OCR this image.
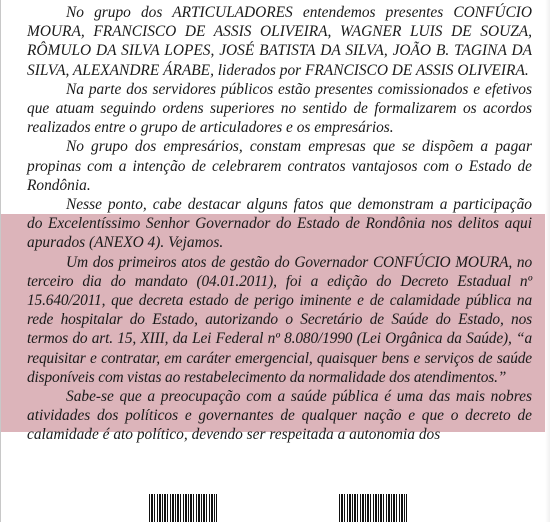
No grupo dos ARTICULADORES entendemos presentes CONFÚCIO MOURA, FRANCISCO DE ASSIS OLIVEIRA, WAGNER LUIS DE SOUZA, RÔMULO DA SILVA LOPES, JOSÉ BATISTA DA SILVA, JOÃO B. TAGINA DA SILVA, ALEXANDRE ÁRABE, liderados por FRANCISCO DE ASSIS OLIVEIRA.

Na parte dos servidores públicos estão presentes comissionados e efetivos que atuam seguindo ordens superiores no sentido de formalizarem os acordos realizados entre o grupo de articuladores e os empresários.

No grupo dos empresários, constam empresas que se dispõem a pagar propinas com a intenção de celebrarem contratos vantajosos com o Estado de Rondônia.

Nesse ponto, cabe destacar alguns fatos que demonstram a participação do Excelentíssimo Senhor Governador do Estado de Rondônia nos delitos aqui apurados (ANEXO 4). Vejamos.

Um dos primeiros atos de gestão do Governador CONFÚCIO MOURA, no terceiro dia do mandato (04.01.2011), foi a edição do Decreto Estadual nº 15.640/2011, que decreta estado de perigo iminente e de calamidade pública na rede hospitalar do Estado, autorizando o Secretário de Saúde do Estado, nos termos do art. 15, XIII, da Lei Federal nº 8.080/1990 (Lei Orgânica da Saúde), “a requisitar e contratar, em caráter emergencial, quaisquer bens e serviços de saúde disponíveis com vistas ao restabelecimento da normalidade dos atendimentos.”

Sabe-se que a preocupação com a saúde pública é uma das mais nobres atividades dos políticos e governantes de qualquer nação e que o decreto de calamidade é ato político, devendo ser respeitada a autonomia dos
